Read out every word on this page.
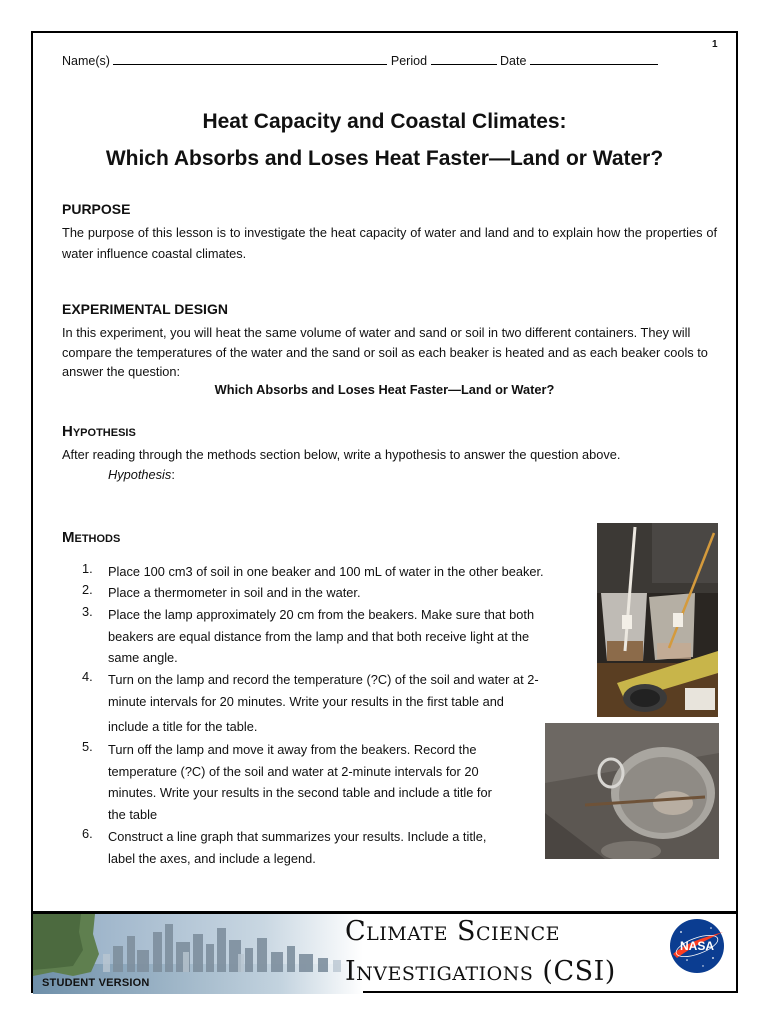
1
Name(s)	Period	Date
Heat Capacity and Coastal Climates:
Which Absorbs and Loses Heat Faster—Land or Water?
PURPOSE
The purpose of this lesson is to investigate the heat capacity of water and land and to explain how the properties of water influence coastal climates.
EXPERIMENTAL DESIGN
In this experiment, you will heat the same volume of water and sand or soil in two different containers. They will compare the temperatures of the water and the sand or soil as each beaker is heated and as each beaker cools to answer the question:
Which Absorbs and Loses Heat Faster—Land or Water?
Hypothesis
After reading through the methods section below, write a hypothesis to answer the question above.
Hypothesis:
Methods
1.	Place 100 cm3 of soil in one beaker and 100 mL of water in the other beaker.
2.	Place a thermometer in soil and in the water.
3.	Place the lamp approximately 20 cm from the beakers. Make sure that both
beakers are equal distance from the lamp and that both receive light at the
same angle.
4.	Turn on the lamp and record the temperature (?C) of the soil and water at 2-
minute intervals for 20 minutes. Write your results in the first table and
include a title for the table.
5.	Turn off the lamp and move it away from the beakers. Record the
temperature (?C) of the soil and water at 2-minute intervals for 20
minutes. Write your results in the second table and include a title for
the table
6.	Construct a line graph that summarizes your results. Include a title,
label the axes, and include a legend.
STUDENT VERSION
Climate Science
Investigations (CSI)
NASA
